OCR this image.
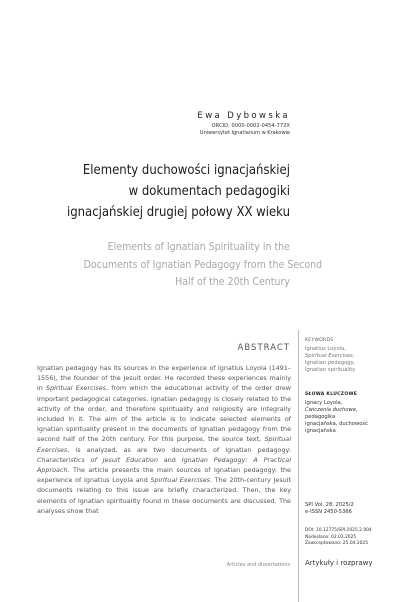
Ewa Dybowska
ORCID: 0000-0002-0454-772X
Uniwersytet Ignatianum w Krakowie
Elementy duchowości ignacjańskiej
w dokumentach pedagogiki
ignacjańskiej drugiej połowy XX wieku
Elements of Ignatian Spirituality in the
Documents of Ignatian Pedagogy from the Second
Half of the 20th Century
ABSTRACT

Ignatian pedagogy has its sources in the experience of Ignatius Loyola (1491–1556), the founder of the Jesuit order. He recorded these experiences mainly in Spiritual Exercises, from which the educational activity of the order drew important pedagogical categories. Ignatian pedagogy is closely related to the activity of the order, and therefore spirituality and religiosity are integrally included in it. The aim of the article is to indicate selected elements of Ignatian spirituality present in the documents of Ignatian pedagogy from the second half of the 20th century. For this purpose, the source text, Spiritual Exercises, is analyzed, as are two documents of Ignatian pedagogy: Characteristics of Jesuit Education and Ignatian Pedagogy: A Practical Approach. The article presents the main sources of Ignatian pedagogy: the experience of Ignatius Loyola and Spiritual Exercises. The 20th-century Jesuit documents relating to this issue are briefly characterized. Then, the key elements of Ignatian spirituality found in these documents are discussed. The analyses show that

KEYWORDS
Ignatius Loyola,
Spiritual Exercises,
Ignatian pedagogy,
Ignatian spirituality
SŁOWA KLUCZOWE
Ignacy Loyola,
Ćwiczenia duchowe,
pedagogika
ignacjańska, duchowość
ignacjańska
SPI Vol. 28, 2025/2
e-ISSN 2450-5366
DOI: 10.12775/SPI.2025.2.004
Nadesłano: 02.03.2025
Zaakceptowano: 25.04.2025
Articles and dissertations Artykuły i rozprawy
